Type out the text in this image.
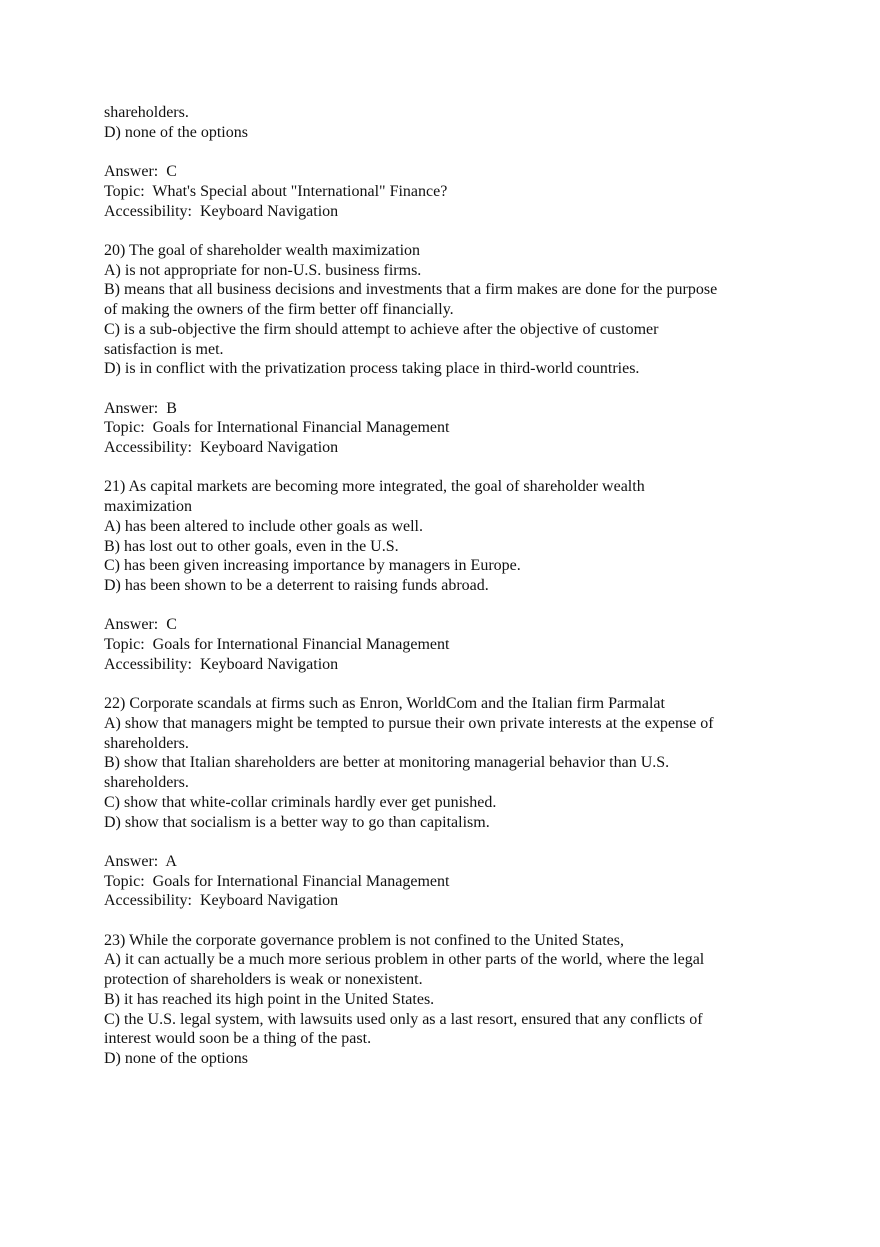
shareholders.
D) none of the options
Answer:  C
Topic:  What's Special about "International" Finance?
Accessibility:  Keyboard Navigation
20) The goal of shareholder wealth maximization
A) is not appropriate for non-U.S. business firms.
B) means that all business decisions and investments that a firm makes are done for the purpose
of making the owners of the firm better off financially.
C) is a sub-objective the firm should attempt to achieve after the objective of customer
satisfaction is met.
D) is in conflict with the privatization process taking place in third-world countries.
Answer:  B
Topic:  Goals for International Financial Management
Accessibility:  Keyboard Navigation
21) As capital markets are becoming more integrated, the goal of shareholder wealth
maximization
A) has been altered to include other goals as well.
B) has lost out to other goals, even in the U.S.
C) has been given increasing importance by managers in Europe.
D) has been shown to be a deterrent to raising funds abroad.
Answer:  C
Topic:  Goals for International Financial Management
Accessibility:  Keyboard Navigation
22) Corporate scandals at firms such as Enron, WorldCom and the Italian firm Parmalat
A) show that managers might be tempted to pursue their own private interests at the expense of
shareholders.
B) show that Italian shareholders are better at monitoring managerial behavior than U.S.
shareholders.
C) show that white-collar criminals hardly ever get punished.
D) show that socialism is a better way to go than capitalism.
Answer:  A
Topic:  Goals for International Financial Management
Accessibility:  Keyboard Navigation
23) While the corporate governance problem is not confined to the United States,
A) it can actually be a much more serious problem in other parts of the world, where the legal
protection of shareholders is weak or nonexistent.
B) it has reached its high point in the United States.
C) the U.S. legal system, with lawsuits used only as a last resort, ensured that any conflicts of
interest would soon be a thing of the past.
D) none of the options
